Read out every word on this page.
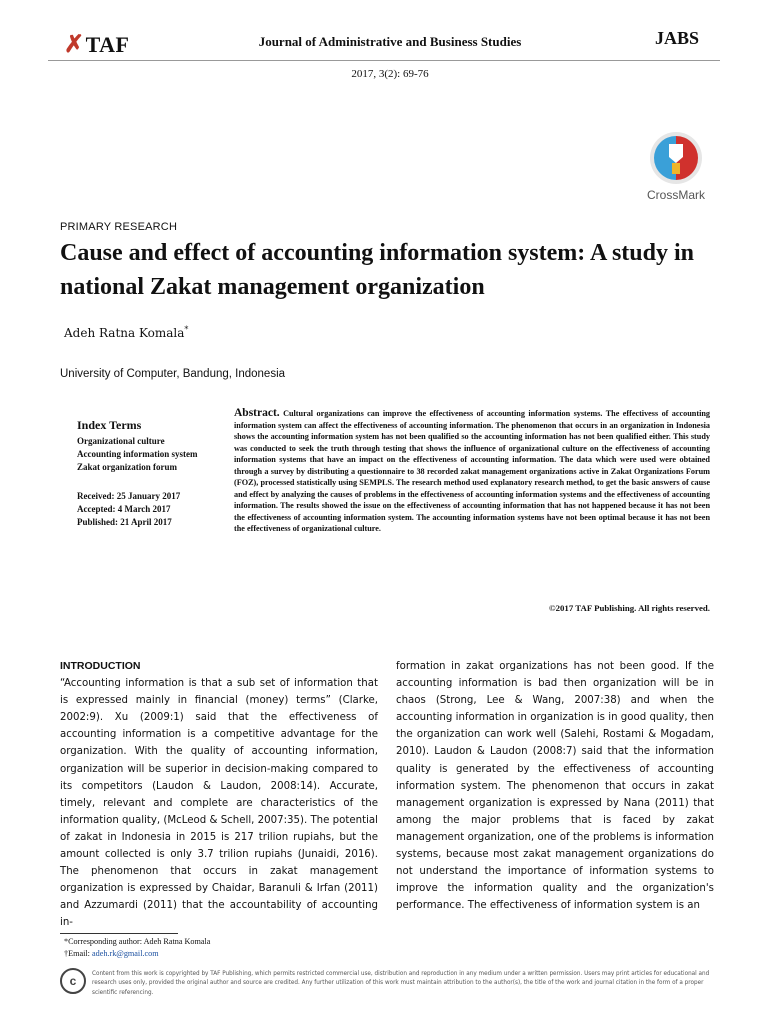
✗TAF	Journal of Administrative and Business Studies	JABS
2017, 3(2): 69-76
CrossMark
PRIMARY RESEARCH
Cause and effect of accounting information system: A study in national Zakat management organization
Adeh Ratna Komala*
University of Computer, Bandung, Indonesia
Index Terms
Organizational culture
Accounting information system
Zakat organization forum
Received: 25 January 2017
Accepted: 4 March 2017
Published: 21 April 2017
Abstract. Cultural organizations can improve the effectiveness of accounting information systems. The effectivess of accounting information system can affect the effectiveness of accounting information. The phenomenon that occurs in an organization in Indonesia shows the accounting information system has not been qualified so the accounting information has not been qualified either. This study was conducted to seek the truth through testing that shows the influence of organizational culture on the effectiveness of accounting information systems that have an impact on the effectiveness of accounting information. The data which were used were obtained through a survey by distributing a questionnaire to 38 recorded zakat management organizations active in Zakat Organizations Forum (FOZ), processed statistically using SEMPLS. The research method used explanatory research method, to get the basic answers of cause and effect by analyzing the causes of problems in the effectiveness of accounting information systems and the effectiveness of accounting information. The results showed the issue on the effectiveness of accounting information that has not happened because it has not been the effectiveness of accounting information system. The accounting information systems have not been optimal because it has not been the effectiveness of organizational culture.
©2017 TAF Publishing. All rights reserved.
INTRODUCTION
“Accounting information is that a sub set of information that is expressed mainly in financial (money) terms” (Clarke, 2002:9). Xu (2009:1) said that the effectiveness of accounting information is a competitive advantage for the organization. With the quality of accounting information, organization will be superior in decision-making compared to its competitors (Laudon & Laudon, 2008:14). Accurate, timely, relevant and complete are characteristics of the information quality, (McLeod & Schell, 2007:35). The potential of zakat in Indonesia in 2015 is 217 trilion rupiahs, but the amount collected is only 3.7 trilion rupiahs (Junaidi, 2016). The phenomenon that occurs in zakat management organization is expressed by Chaidar, Baranuli & Irfan (2011) and Azzumardi (2011) that the accountability of accounting in-
formation in zakat organizations has not been good. If the accounting information is bad then organization will be in chaos (Strong, Lee & Wang, 2007:38) and when the accounting information in organization is in good quality, then the organization can work well (Salehi, Rostami & Mogadam, 2010). Laudon & Laudon (2008:7) said that the information quality is generated by the effectiveness of accounting information system. The phenomenon that occurs in zakat management organization is expressed by Nana (2011) that among the major problems that is faced by zakat management organization, one of the problems is information systems, because most zakat management organizations do not understand the importance of information systems to improve the information quality and the organization's performance. The effectiveness of information system is an
*Corresponding author: Adeh Ratna Komala
†Email: adeh.rk@gmail.com
c	Content from this work is copyrighted by TAF Publishing, which permits restricted commercial use, distribution and reproduction in any medium under a written permission. Users may print articles for educational and research uses only, provided the original author and source are credited. Any further utilization of this work must maintain attribution to the author(s), the title of the work and journal citation in the form of a proper scientific referencing.
